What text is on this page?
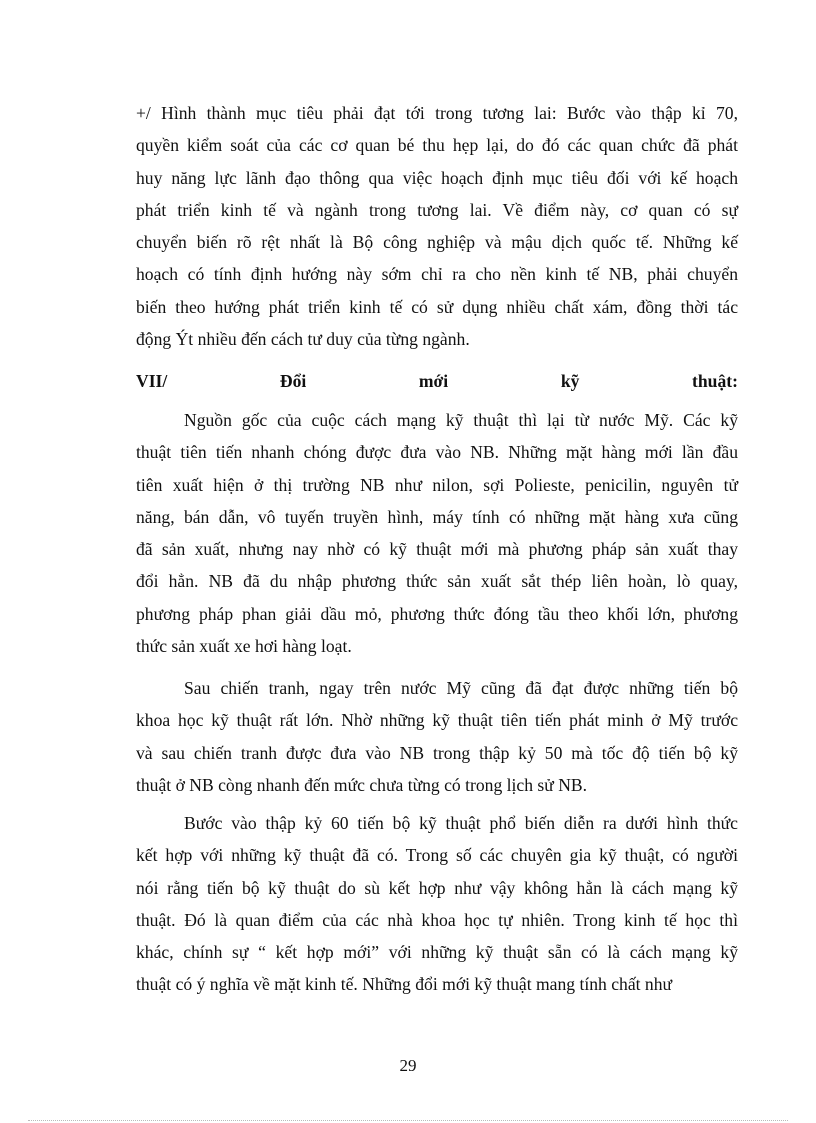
+/ Hình thành mục tiêu phải đạt tới trong tương lai: Bước vào thập kỉ 70,
quyền kiểm soát của các cơ quan bé thu hẹp lại, do đó các quan chức đã phát
huy năng lực lãnh đạo thông qua việc hoạch định mục tiêu đối với kế hoạch
phát triển kinh tế và ngành trong tương lai. Về điểm này, cơ quan có sự
chuyển biến rõ rệt nhất là Bộ công nghiệp và mậu dịch quốc tế. Những kế
hoạch có tính định hướng này sớm chỉ ra cho nền kinh tế NB, phải chuyển
biến theo hướng phát triển kinh tế có sử dụng nhiều chất xám, đồng thời tác
động Ýt nhiều đến cách tư duy của từng ngành.
VII/	Đổi	mới	kỹ	thuật:
Nguồn gốc của cuộc cách mạng kỹ thuật thì lại từ nước Mỹ. Các kỹ
thuật tiên tiến nhanh chóng được đưa vào NB. Những mặt hàng mới lần đầu
tiên xuất hiện ở thị trường NB như nilon, sợi Polieste, penicilin, nguyên tử
năng, bán dẫn, vô tuyến truyền hình, máy tính có những mặt hàng xưa cũng
đã sản xuất, nhưng nay nhờ có kỹ thuật mới mà phương pháp sản xuất thay
đổi hẳn. NB đã du nhập phương thức sản xuất sắt thép liên hoàn, lò quay,
phương pháp phan giải dầu mỏ, phương thức đóng tầu theo khối lớn, phương
thức sản xuất xe hơi hàng loạt.
Sau chiến tranh, ngay trên nước Mỹ cũng đã đạt được những tiến bộ
khoa học kỹ thuật rất lớn. Nhờ những kỹ thuật tiên tiến phát minh ở Mỹ trước
và sau chiến tranh được đưa vào NB trong thập kỷ 50 mà tốc độ tiến bộ kỹ
thuật ở NB còng nhanh đến mức chưa từng có trong lịch sử NB.
Bước vào thập kỷ 60 tiến bộ kỹ thuật phổ biến diễn ra dưới hình thức
kết hợp với những kỹ thuật đã có. Trong số các chuyên gia kỹ thuật, có người
nói rằng tiến bộ kỹ thuật do sù kết hợp như vậy không hẳn là cách mạng kỹ
thuật. Đó là quan điểm của các nhà khoa học tự nhiên. Trong kinh tế học thì
khác, chính sự “ kết hợp mới” với những kỹ thuật sẵn có là cách mạng kỹ
thuật có ý nghĩa về mặt kinh tế. Những đổi mới kỹ thuật mang tính chất như
29
